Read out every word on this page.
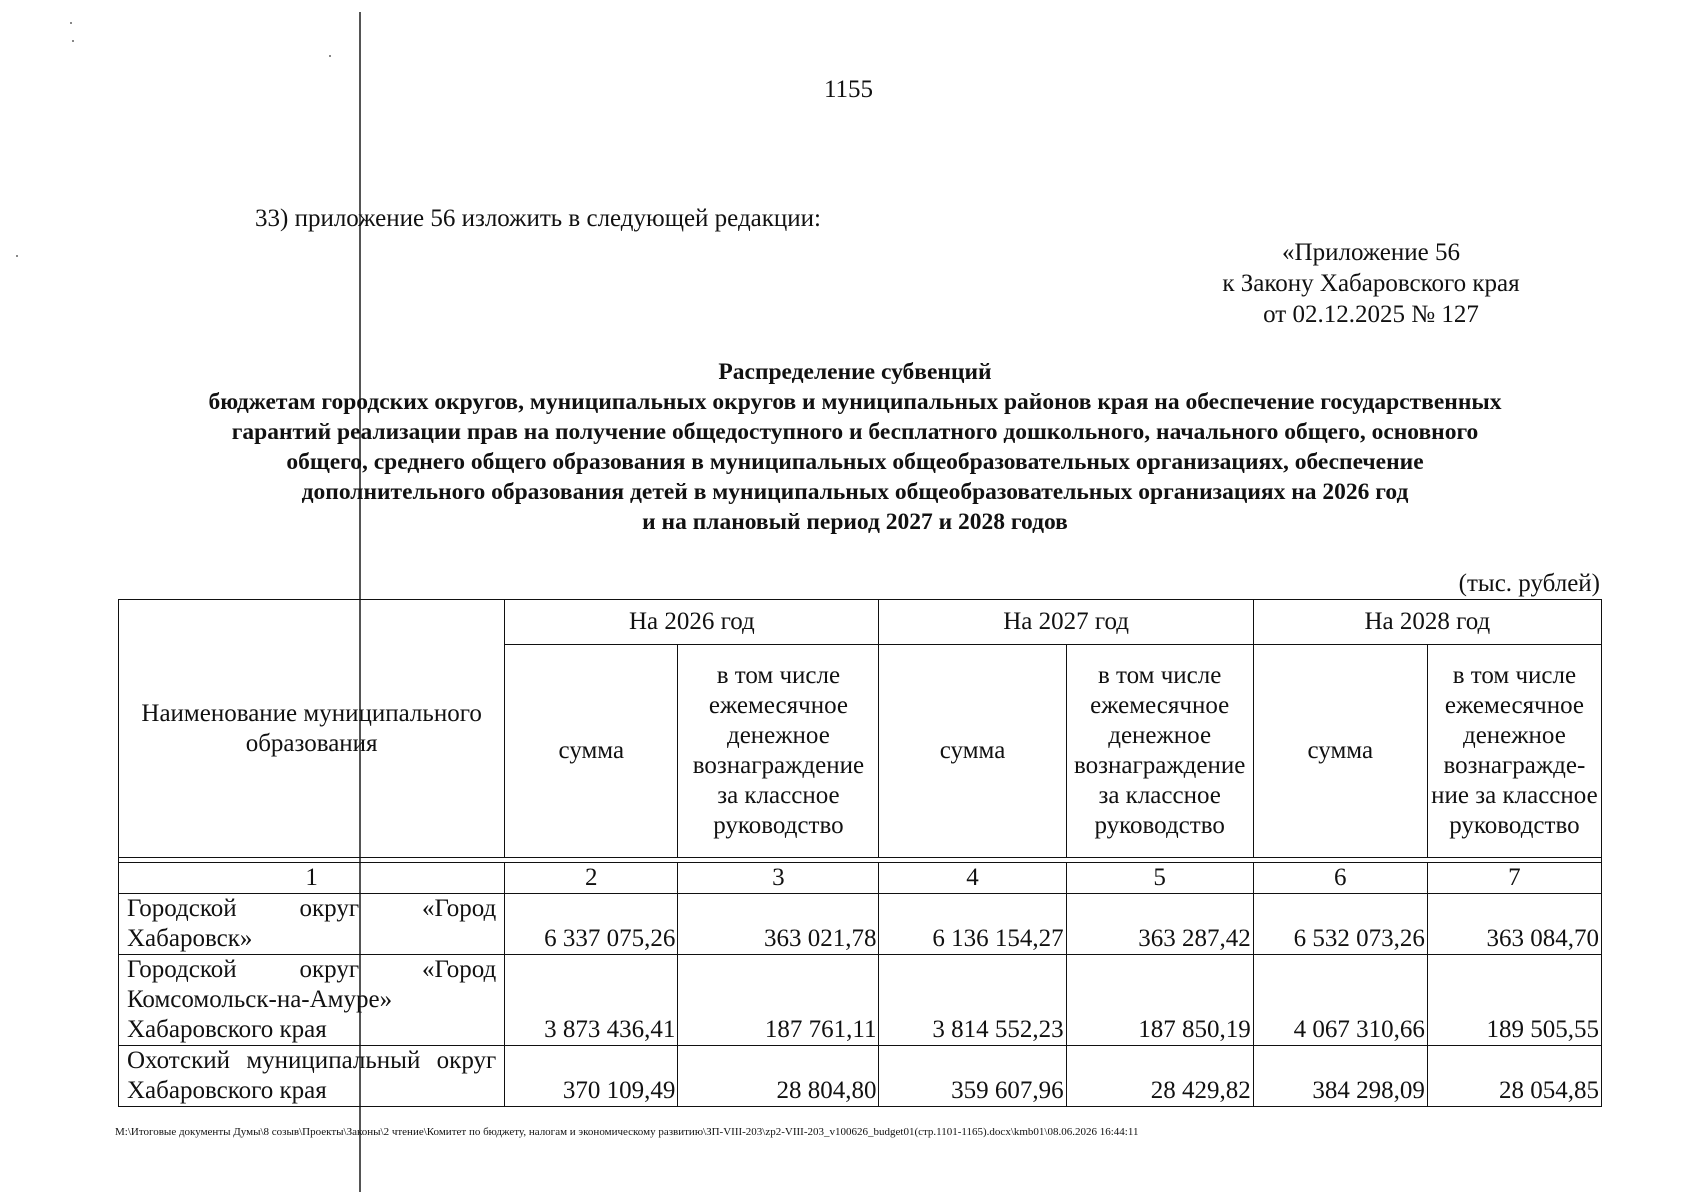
1155
33) приложение 56 изложить в следующей редакции:
«Приложение 56
к Закону Хабаровского края
от 02.12.2025 № 127
Распределение субвенций
бюджетам городских округов, муниципальных округов и муниципальных районов края на обеспечение государственных
гарантий реализации прав на получение общедоступного и бесплатного дошкольного, начального общего, основного
общего, среднего общего образования в муниципальных общеобразовательных организациях, обеспечение
дополнительного образования детей в муниципальных общеобразовательных организациях на 2026 год
и на плановый период 2027 и 2028 годов
(тыс. рублей)
Наименование муниципального образования	На 2026 год		На 2027 год		На 2028 год	
	сумма	в том числе ежемесячное денежное вознаграждение за классное руководство	сумма	в том числе ежемесячное денежное вознаграждение за классное руководство	сумма	в том числе ежемесячное денежное вознагражде-ние за классное руководство

1	2	3	4	5	6	7
Городской округ «Город Хабаровск»	6 337 075,26	363 021,78	6 136 154,27	363 287,42	6 532 073,26	363 084,70
Городской округ «Город Комсомольск-на-Амуре» Хабаровского края	3 873 436,41	187 761,11	3 814 552,23	187 850,19	4 067 310,66	189 505,55
Охотский муниципальный округ Хабаровского края	370 109,49	28 804,80	359 607,96	28 429,82	384 298,09	28 054,85
M:\Итоговые документы Думы\8 созыв\Проекты\Законы\2 чтение\Комитет по бюджету, налогам и экономическому развитию\ЗП-VIII-203\zp2-VIII-203_v100626_budget01(стр.1101-1165).docx\kmb01\08.06.2026 16:44:11
